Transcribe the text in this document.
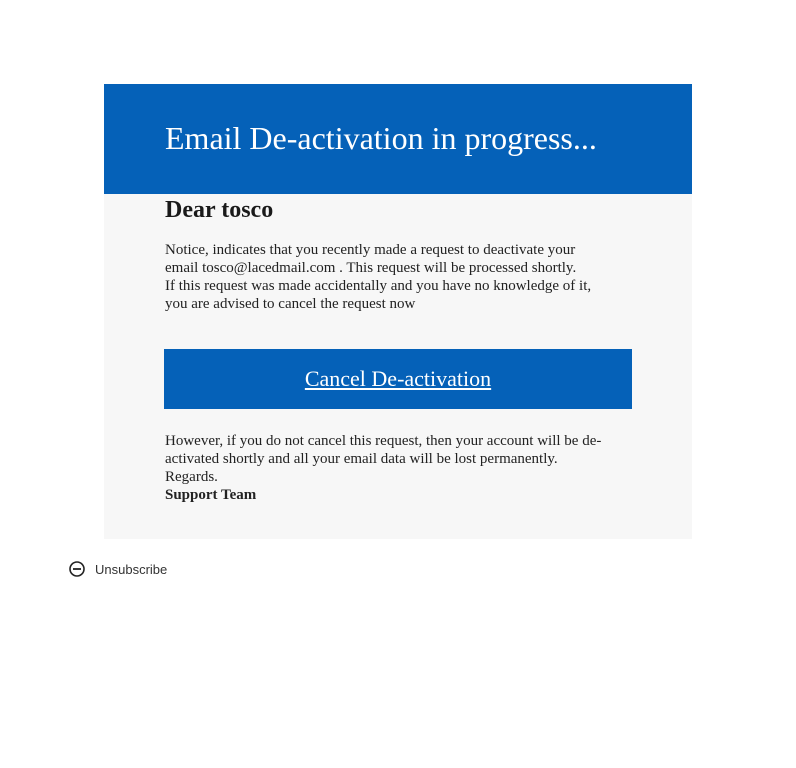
Email De-activation in progress...
Dear tosco
Notice, indicates that you recently made a request to deactivate your
email tosco@lacedmail.com . This request will be processed shortly.
If this request was made accidentally and you have no knowledge of it,
you are advised to cancel the request now
Cancel De-activation
However, if you do not cancel this request, then your account will be de-
activated shortly and all your email data will be lost permanently.
Regards.
Support Team
Unsubscribe
